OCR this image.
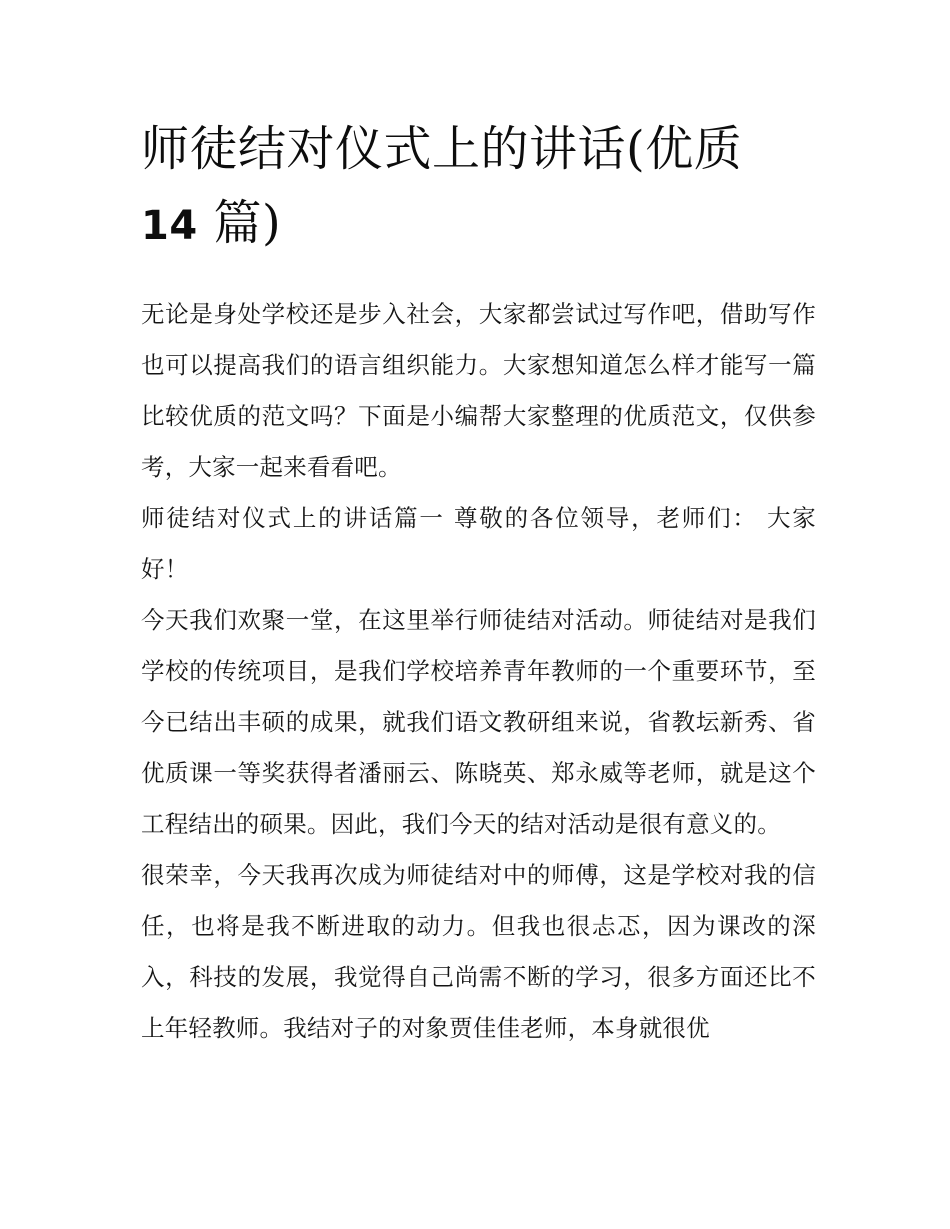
师徒结对仪式上的讲话(优质
14 篇)

无论是身处学校还是步入社会，大家都尝试过写作吧，借助写作也可以提高我们的语言组织能力。大家想知道怎么样才能写一篇比较优质的范文吗？下面是小编帮大家整理的优质范文，仅供参考，大家一起来看看吧。

师徒结对仪式上的讲话篇一 尊敬的各位领导，老师们： 大家好！

今天我们欢聚一堂，在这里举行师徒结对活动。师徒结对是我们学校的传统项目，是我们学校培养青年教师的一个重要环节，至今已结出丰硕的成果，就我们语文教研组来说，省教坛新秀、省优质课一等奖获得者潘丽云、陈晓英、郑永威等老师，就是这个工程结出的硕果。因此，我们今天的结对活动是很有意义的。

很荣幸，今天我再次成为师徒结对中的师傅，这是学校对我的信任，也将是我不断进取的动力。但我也很忐忑，因为课改的深入，科技的发展，我觉得自己尚需不断的学习，很多方面还比不上年轻教师。我结对子的对象贾佳佳老师，本身就很优
